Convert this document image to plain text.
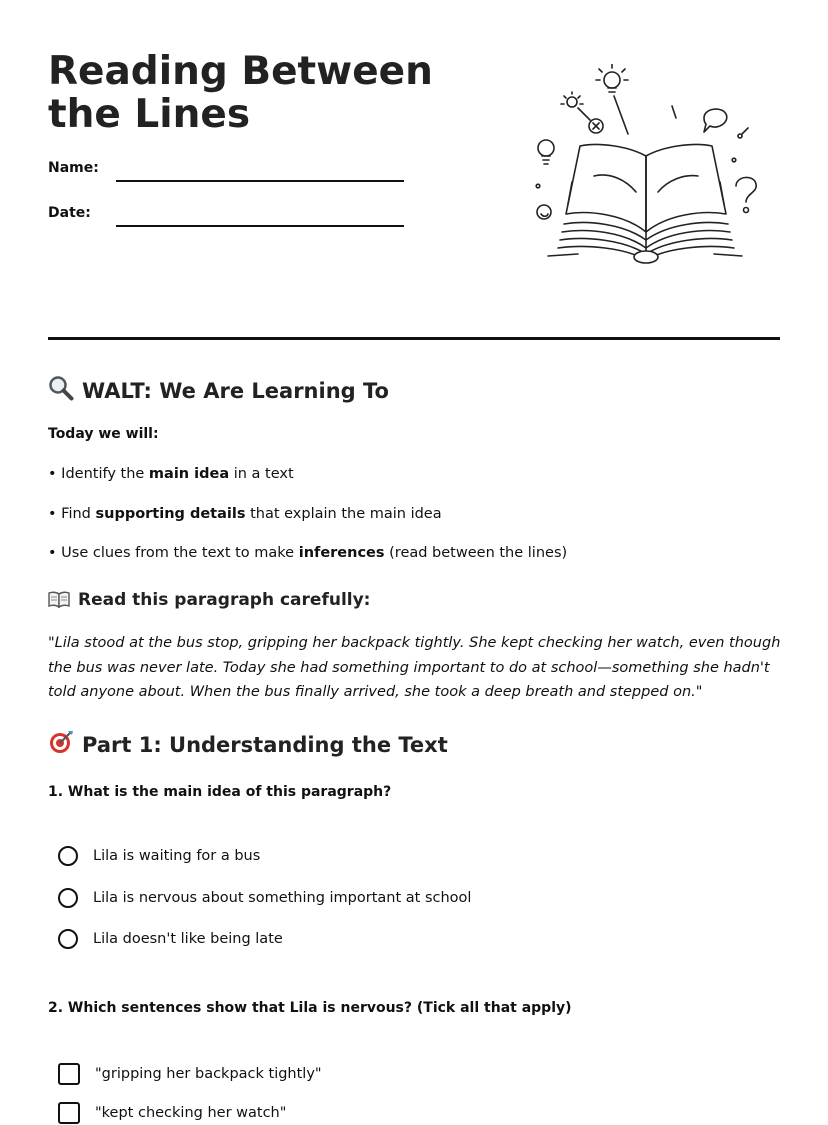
Reading Between the Lines
Name:
Date:
WALT: We Are Learning To
Today we will:
• Identify the main idea in a text
• Find supporting details that explain the main idea
• Use clues from the text to make inferences (read between the lines)
Read this paragraph carefully:

"Lila stood at the bus stop, gripping her backpack tightly. She kept checking her watch, even though the bus was never late. Today she had something important to do at school—something she hadn't told anyone about. When the bus finally arrived, she took a deep breath and stepped on."

Part 1: Understanding the Text
1. What is the main idea of this paragraph?
Lila is waiting for a bus
Lila is nervous about something important at school
Lila doesn't like being late
2. Which sentences show that Lila is nervous? (Tick all that apply)
"gripping her backpack tightly"
"kept checking her watch"
